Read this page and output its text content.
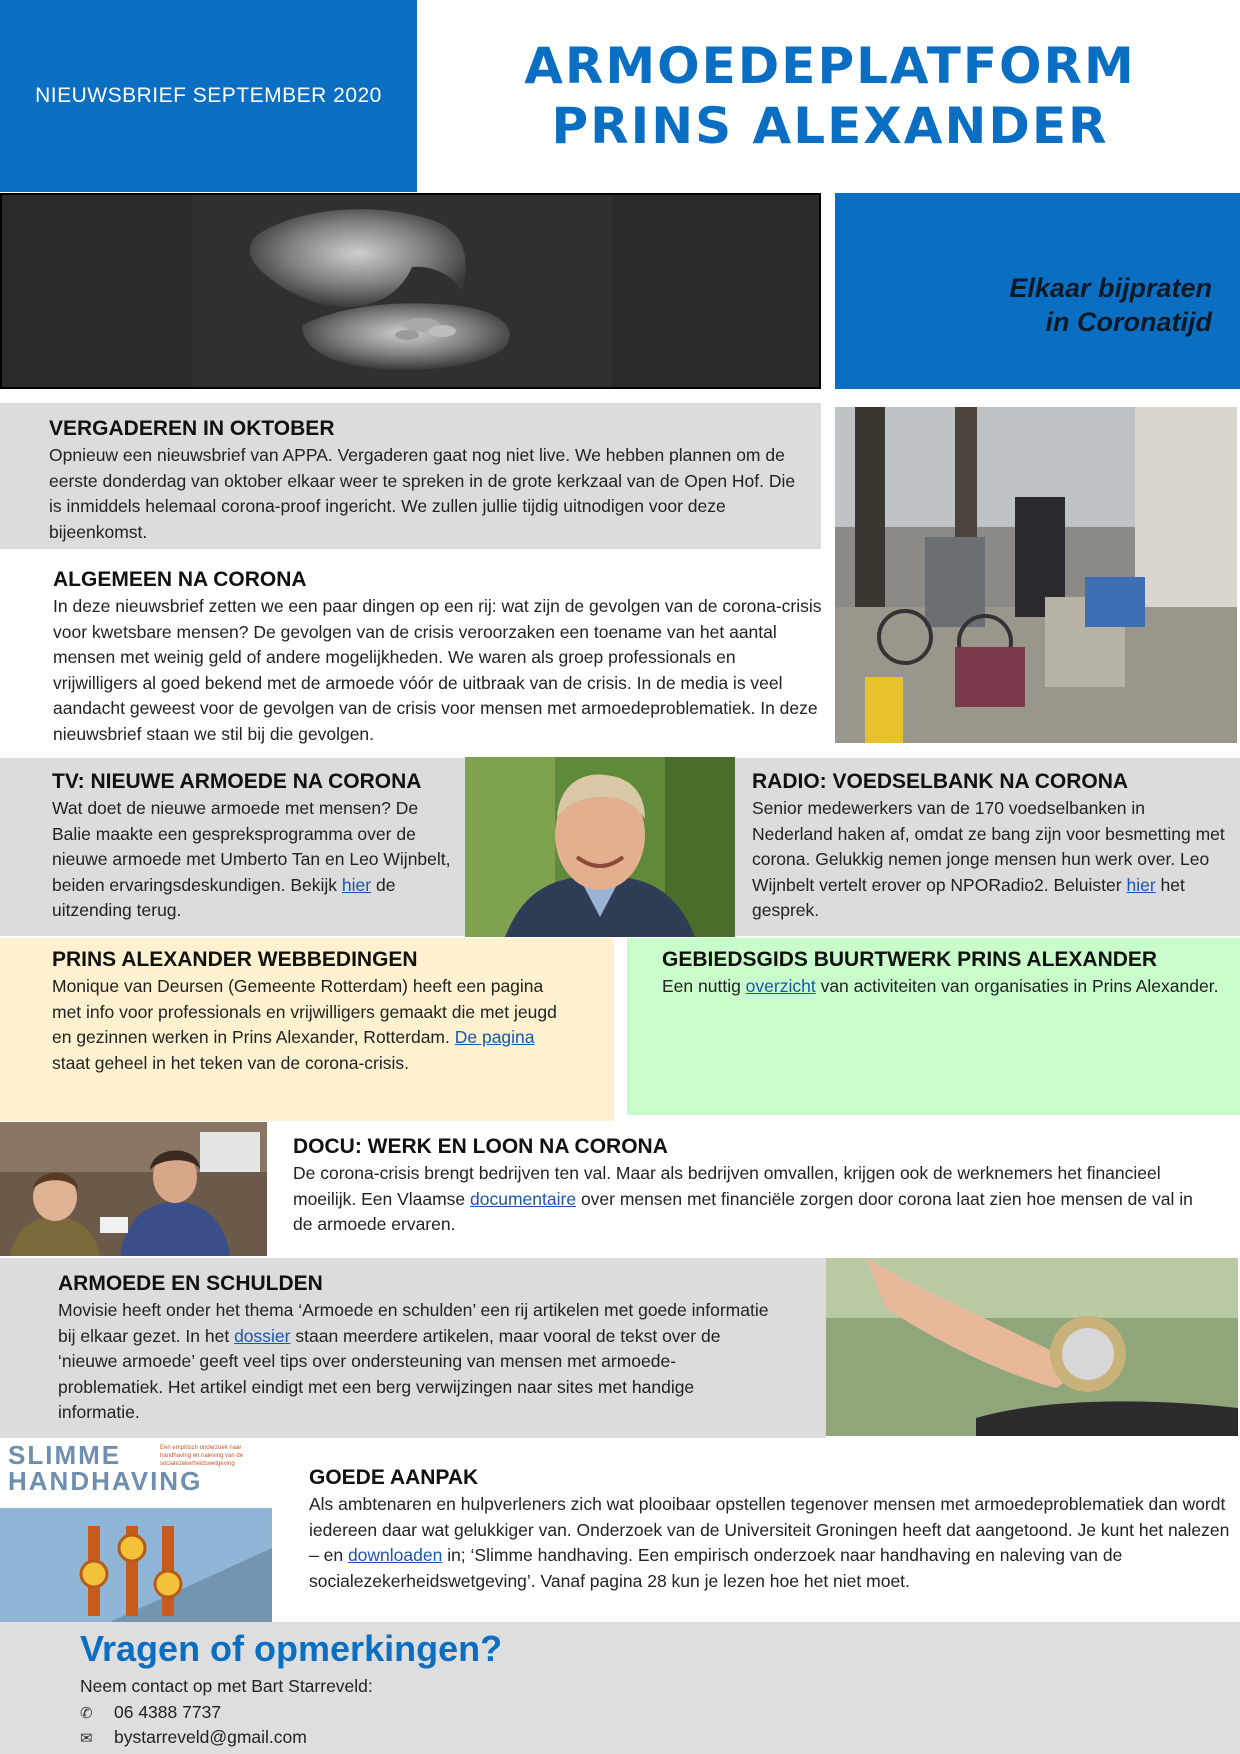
NIEUWSBRIEF SEPTEMBER 2020
ARMOEDEPLATFORM
PRINS ALEXANDER
Elkaar bijpraten
in Coronatijd

VERGADEREN IN OKTOBER

Opnieuw een nieuwsbrief van APPA. Vergaderen gaat nog niet live. We hebben plannen om de eerste donderdag van oktober elkaar weer te spreken in de grote kerkzaal van de Open Hof. Die is inmiddels helemaal corona-proof ingericht. We zullen jullie tijdig uitnodigen voor deze bijeenkomst.

ALGEMEEN NA CORONA

In deze nieuwsbrief zetten we een paar dingen op een rij: wat zijn de gevolgen van de corona-crisis voor kwetsbare mensen? De gevolgen van de crisis veroorzaken een toename van het aantal mensen met weinig geld of andere mogelijkheden. We waren als groep professionals en vrijwilligers al goed bekend met de armoede vóór de uitbraak van de crisis. In de media is veel aandacht geweest voor de gevolgen van de crisis voor mensen met armoedeproblematiek. In deze nieuwsbrief staan we stil bij die gevolgen.

TV: NIEUWE ARMOEDE NA CORONA

Wat doet de nieuwe armoede met mensen? De Balie maakte een gespreksprogramma over de nieuwe armoede met Umberto Tan en Leo Wijnbelt, beiden ervaringsdeskundigen. Bekijk hier de uitzending terug.

RADIO: VOEDSELBANK NA CORONA

Senior medewerkers van de 170 voedselbanken in Nederland haken af, omdat ze bang zijn voor besmetting met corona. Gelukkig nemen jonge mensen hun werk over. Leo Wijnbelt vertelt erover op NPORadio2. Beluister hier het gesprek.

PRINS ALEXANDER WEBBEDINGEN

Monique van Deursen (Gemeente Rotterdam) heeft een pagina met info voor professionals en vrijwilligers gemaakt die met jeugd en gezinnen werken in Prins Alexander, Rotterdam. De pagina staat geheel in het teken van de corona-crisis.

GEBIEDSGIDS BUURTWERK PRINS ALEXANDER

Een nuttig overzicht van activiteiten van organisaties in Prins Alexander.

DOCU: WERK EN LOON NA CORONA

De corona-crisis brengt bedrijven ten val. Maar als bedrijven omvallen, krijgen ook de werknemers het financieel moeilijk. Een Vlaamse documentaire over mensen met financiële zorgen door corona laat zien hoe mensen de val in de armoede ervaren.

ARMOEDE EN SCHULDEN

Movisie heeft onder het thema ‘Armoede en schulden’ een rij artikelen met goede informatie bij elkaar gezet. In het dossier staan meerdere artikelen, maar vooral de tekst over de ‘nieuwe armoede’ geeft veel tips over ondersteuning van mensen met armoede-problematiek. Het artikel eindigt met een berg verwijzingen naar sites met handige informatie.

SLIMME
HANDHAVING
Een empirisch onderzoek naar handhaving en naleving van de socialezekerheidswetgeving

GOEDE AANPAK

Als ambtenaren en hulpverleners zich wat plooibaar opstellen tegenover mensen met armoedeproblematiek dan wordt iedereen daar wat gelukkiger van. Onderzoek van de Universiteit Groningen heeft dat aangetoond. Je kunt het nalezen – en downloaden in; ‘Slimme handhaving. Een empirisch onderzoek naar handhaving en naleving van de socialezekerheidswetgeving’. Vanaf pagina 28 kun je lezen hoe het niet moet.

Vragen of opmerkingen?
Neem contact op met Bart Starreveld:
✆ 06 4388 7737
✉ bystarreveld@gmail.com
